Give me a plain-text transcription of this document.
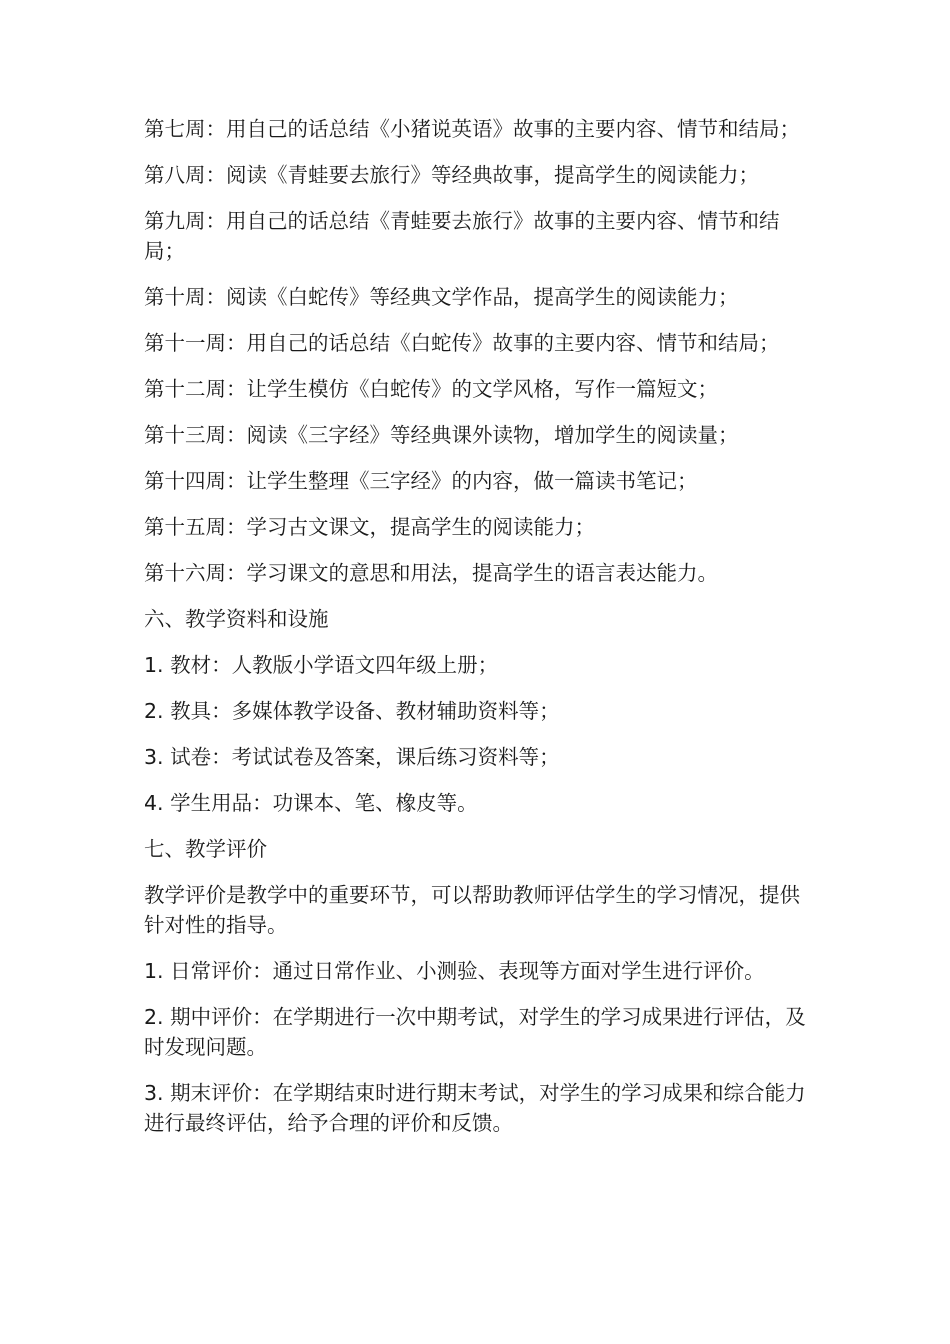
第七周：用自己的话总结《小猪说英语》故事的主要内容、情节和结局；

第八周：阅读《青蛙要去旅行》等经典故事，提高学生的阅读能力；

第九周：用自己的话总结《青蛙要去旅行》故事的主要内容、情节和结局；

第十周：阅读《白蛇传》等经典文学作品，提高学生的阅读能力；

第十一周：用自己的话总结《白蛇传》故事的主要内容、情节和结局；

第十二周：让学生模仿《白蛇传》的文学风格，写作一篇短文；

第十三周：阅读《三字经》等经典课外读物，增加学生的阅读量；

第十四周：让学生整理《三字经》的内容，做一篇读书笔记；

第十五周：学习古文课文，提高学生的阅读能力；

第十六周：学习课文的意思和用法，提高学生的语言表达能力。

六、教学资料和设施

1. 教材：人教版小学语文四年级上册；

2. 教具：多媒体教学设备、教材辅助资料等；

3. 试卷：考试试卷及答案，课后练习资料等；

4. 学生用品：功课本、笔、橡皮等。

七、教学评价

教学评价是教学中的重要环节，可以帮助教师评估学生的学习情况，提供针对性的指导。

1. 日常评价：通过日常作业、小测验、表现等方面对学生进行评价。

2. 期中评价：在学期进行一次中期考试，对学生的学习成果进行评估，及时发现问题。

3. 期末评价：在学期结束时进行期末考试，对学生的学习成果和综合能力进行最终评估，给予合理的评价和反馈。
